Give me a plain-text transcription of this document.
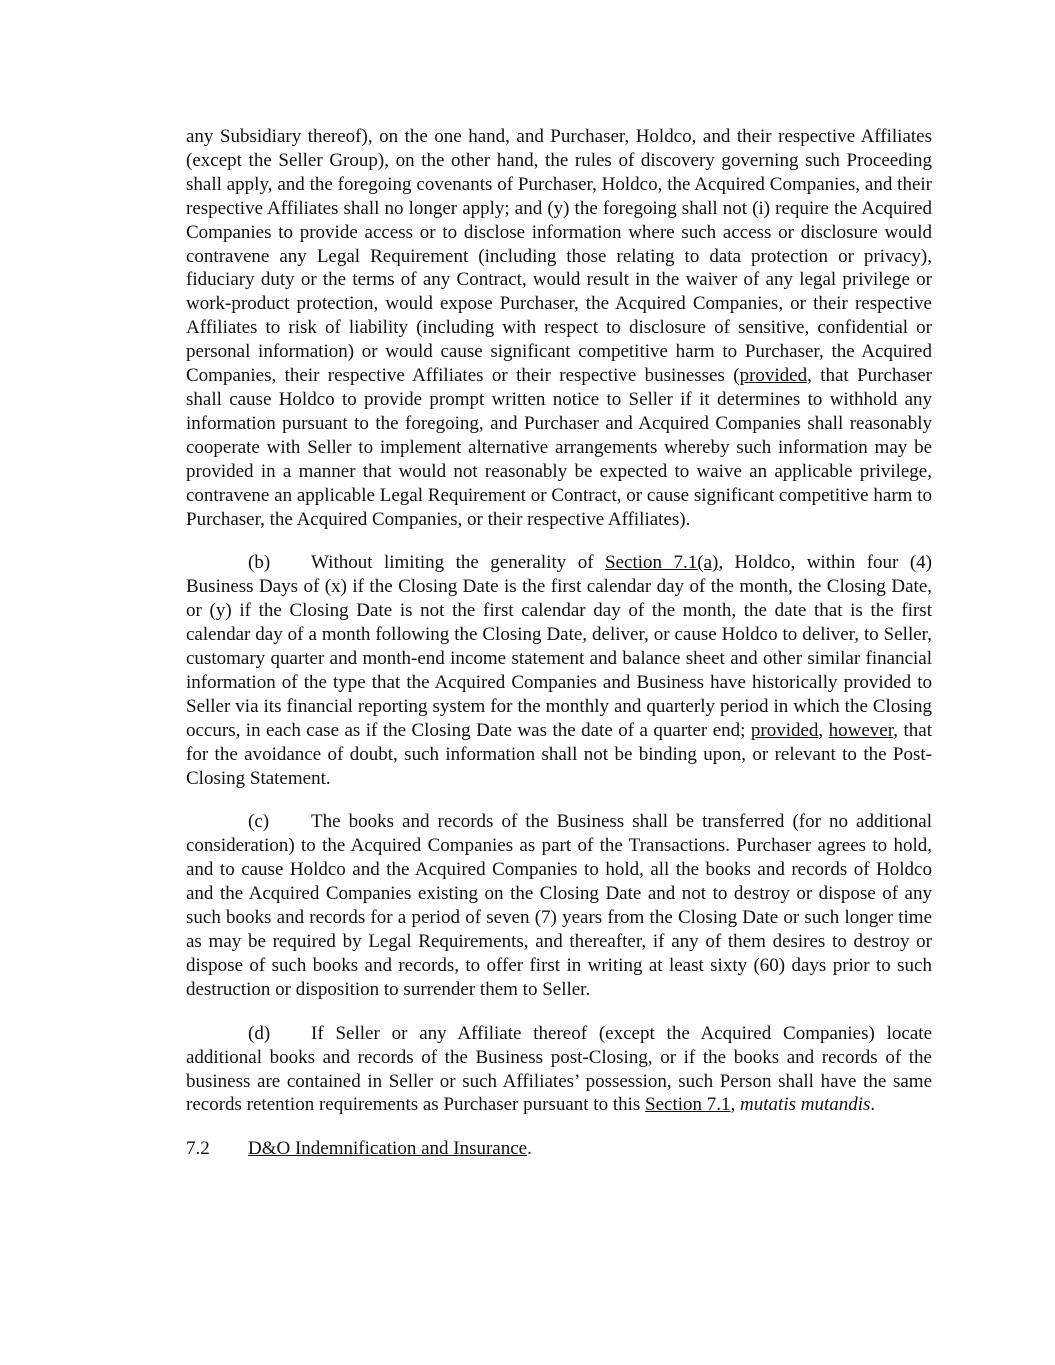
any Subsidiary thereof), on the one hand, and Purchaser, Holdco, and their respective Affiliates (except the Seller Group), on the other hand, the rules of discovery governing such Proceeding shall apply, and the foregoing covenants of Purchaser, Holdco, the Acquired Companies, and their respective Affiliates shall no longer apply; and (y) the foregoing shall not (i) require the Acquired Companies to provide access or to disclose information where such access or disclosure would contravene any Legal Requirement (including those relating to data protection or privacy), fiduciary duty or the terms of any Contract, would result in the waiver of any legal privilege or work-product protection, would expose Purchaser, the Acquired Companies, or their respective Affiliates to risk of liability (including with respect to disclosure of sensitive, confidential or personal information) or would cause significant competitive harm to Purchaser, the Acquired Companies, their respective Affiliates or their respective businesses (provided, that Purchaser shall cause Holdco to provide prompt written notice to Seller if it determines to withhold any information pursuant to the foregoing, and Purchaser and Acquired Companies shall reasonably cooperate with Seller to implement alternative arrangements whereby such information may be provided in a manner that would not reasonably be expected to waive an applicable privilege, contravene an applicable Legal Requirement or Contract, or cause significant competitive harm to Purchaser, the Acquired Companies, or their respective Affiliates).

(b) Without limiting the generality of Section 7.1(a), Holdco, within four (4) Business Days of (x) if the Closing Date is the first calendar day of the month, the Closing Date, or (y) if the Closing Date is not the first calendar day of the month, the date that is the first calendar day of a month following the Closing Date, deliver, or cause Holdco to deliver, to Seller, customary quarter and month-end income statement and balance sheet and other similar financial information of the type that the Acquired Companies and Business have historically provided to Seller via its financial reporting system for the monthly and quarterly period in which the Closing occurs, in each case as if the Closing Date was the date of a quarter end; provided, however, that for the avoidance of doubt, such information shall not be binding upon, or relevant to the Post-Closing Statement.

(c) The books and records of the Business shall be transferred (for no additional consideration) to the Acquired Companies as part of the Transactions. Purchaser agrees to hold, and to cause Holdco and the Acquired Companies to hold, all the books and records of Holdco and the Acquired Companies existing on the Closing Date and not to destroy or dispose of any such books and records for a period of seven (7) years from the Closing Date or such longer time as may be required by Legal Requirements, and thereafter, if any of them desires to destroy or dispose of such books and records, to offer first in writing at least sixty (60) days prior to such destruction or disposition to surrender them to Seller.

(d) If Seller or any Affiliate thereof (except the Acquired Companies) locate additional books and records of the Business post-Closing, or if the books and records of the business are contained in Seller or such Affiliates’ possession, such Person shall have the same records retention requirements as Purchaser pursuant to this Section 7.1, mutatis mutandis.

7.2 D&O Indemnification and Insurance.
